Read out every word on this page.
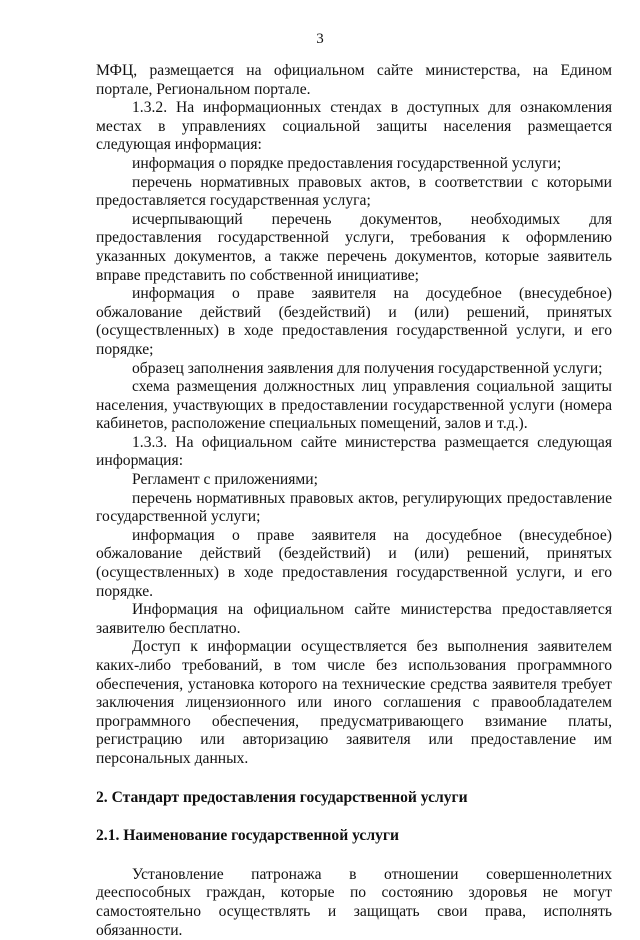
3

МФЦ, размещается на официальном сайте министерства, на Едином портале, Региональном портале.

1.3.2. На информационных стендах в доступных для ознакомления местах в управлениях социальной защиты населения размещается следующая информация:

информация о порядке предоставления государственной услуги;

перечень нормативных правовых актов, в соответствии с которыми предоставляется государственная услуга;

исчерпывающий перечень документов, необходимых для предоставления государственной услуги, требования к оформлению указанных документов, а также перечень документов, которые заявитель вправе представить по собственной инициативе;

информация о праве заявителя на досудебное (внесудебное) обжалование действий (бездействий) и (или) решений, принятых (осуществленных) в ходе предоставления государственной услуги, и его порядке;

образец заполнения заявления для получения государственной услуги;

схема размещения должностных лиц управления социальной защиты населения, участвующих в предоставлении государственной услуги (номера кабинетов, расположение специальных помещений, залов и т.д.).

1.3.3. На официальном сайте министерства размещается следующая информация:

Регламент с приложениями;

перечень нормативных правовых актов, регулирующих предоставление государственной услуги;

информация о праве заявителя на досудебное (внесудебное) обжалование действий (бездействий) и (или) решений, принятых (осуществленных) в ходе предоставления государственной услуги, и его порядке.

Информация на официальном сайте министерства предоставляется заявителю бесплатно.

Доступ к информации осуществляется без выполнения заявителем каких-либо требований, в том числе без использования программного обеспечения, установка которого на технические средства заявителя требует заключения лицензионного или иного соглашения с правообладателем программного обеспечения, предусматривающего взимание платы, регистрацию или авторизацию заявителя или предоставление им персональных данных.

2. Стандарт предоставления государственной услуги

2.1. Наименование государственной услуги

Установление патронажа в отношении совершеннолетних дееспособных граждан, которые по состоянию здоровья не могут самостоятельно осуществлять и защищать свои права, исполнять обязанности.
